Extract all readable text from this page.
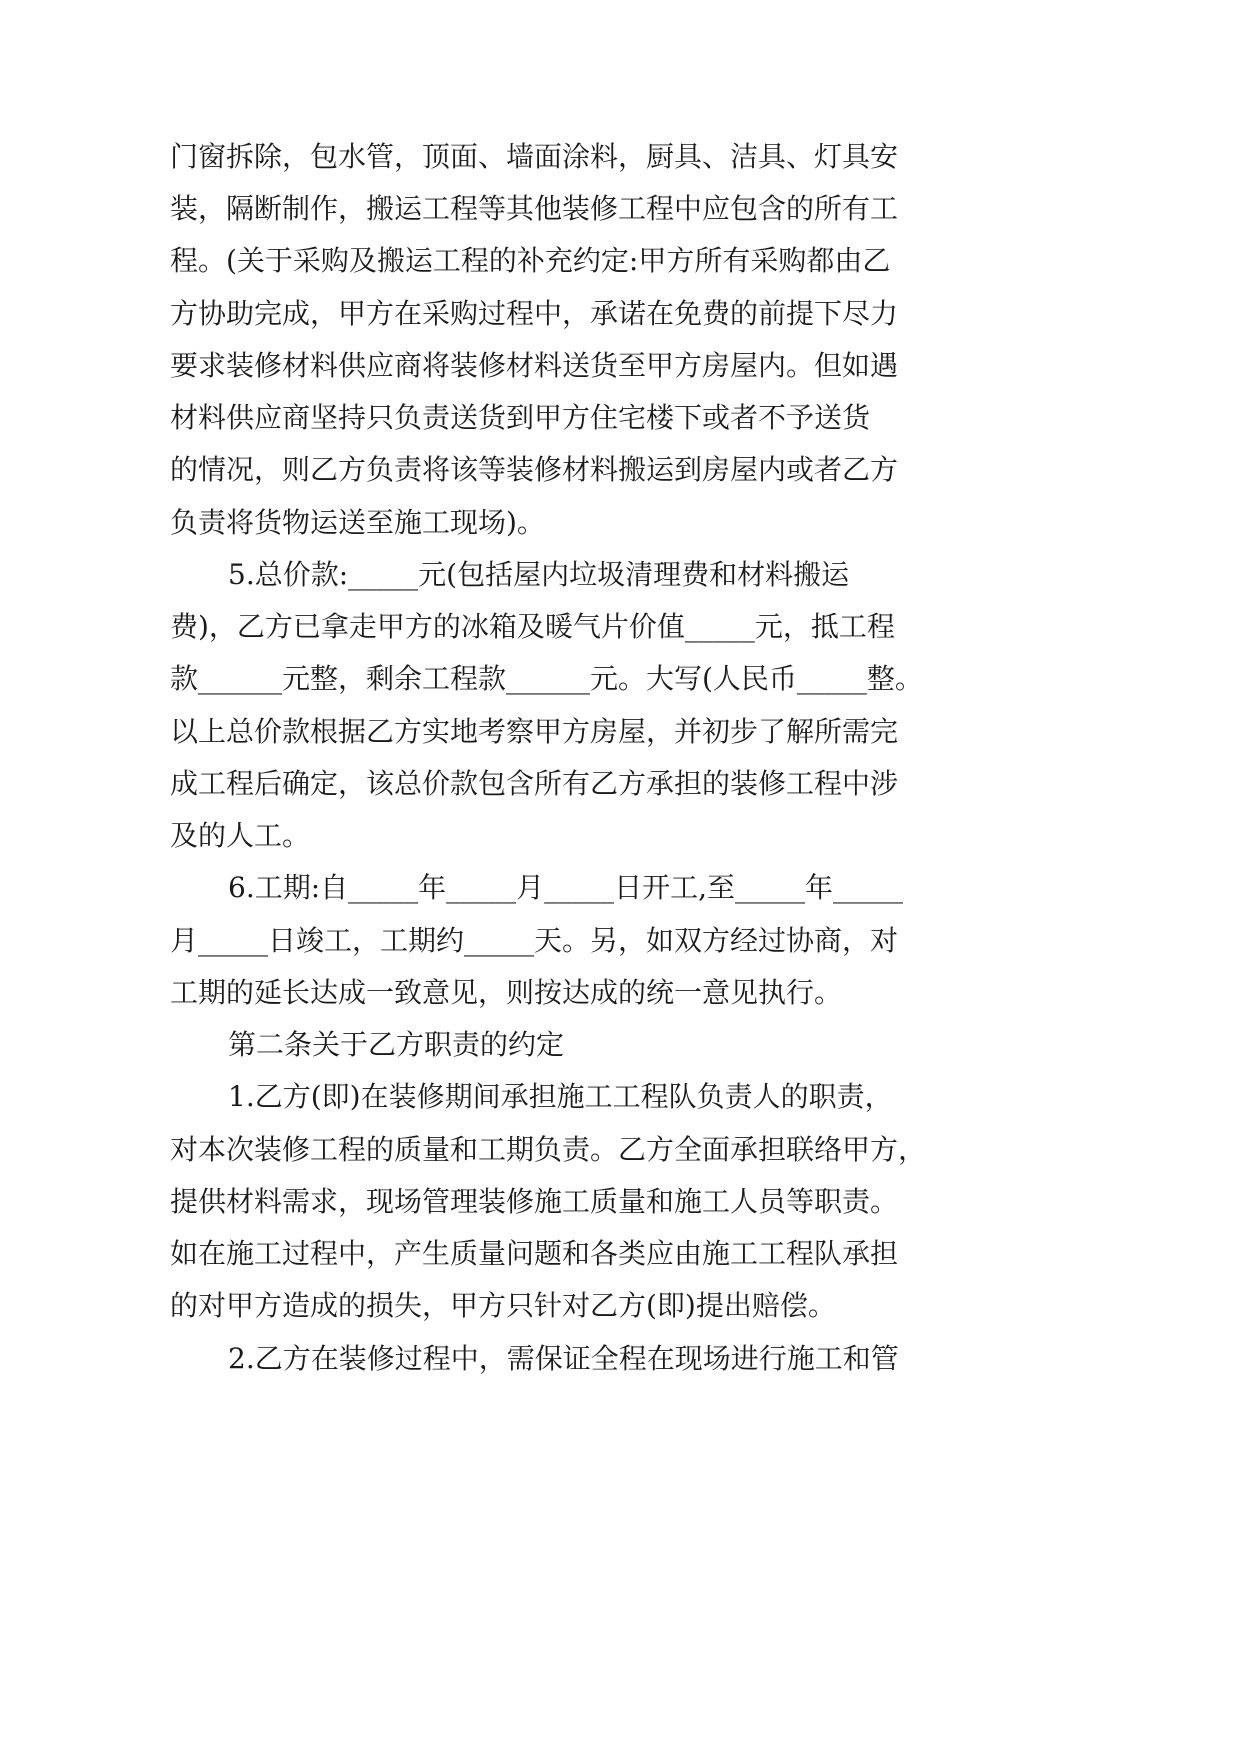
门窗拆除，包水管，顶面、墙面涂料，厨具、洁具、灯具安
装，隔断制作，搬运工程等其他装修工程中应包含的所有工
程。(关于采购及搬运工程的补充约定:甲方所有采购都由乙
方协助完成，甲方在采购过程中，承诺在免费的前提下尽力
要求装修材料供应商将装修材料送货至甲方房屋内。但如遇
材料供应商坚持只负责送货到甲方住宅楼下或者不予送货
的情况，则乙方负责将该等装修材料搬运到房屋内或者乙方
负责将货物运送至施工现场)。
5.总价款:_____元(包括屋内垃圾清理费和材料搬运
费)，乙方已拿走甲方的冰箱及暖气片价值_____元，抵工程
款______元整，剩余工程款______元。大写(人民币_____整。
以上总价款根据乙方实地考察甲方房屋，并初步了解所需完
成工程后确定，该总价款包含所有乙方承担的装修工程中涉
及的人工。
6.工期:自_____年_____月_____日开工,至_____年_____
月_____日竣工，工期约_____天。另，如双方经过协商，对
工期的延长达成一致意见，则按达成的统一意见执行。
第二条关于乙方职责的约定
1.乙方(即)在装修期间承担施工工程队负责人的职责，
对本次装修工程的质量和工期负责。乙方全面承担联络甲方，
提供材料需求，现场管理装修施工质量和施工人员等职责。
如在施工过程中，产生质量问题和各类应由施工工程队承担
的对甲方造成的损失，甲方只针对乙方(即)提出赔偿。
2.乙方在装修过程中，需保证全程在现场进行施工和管
